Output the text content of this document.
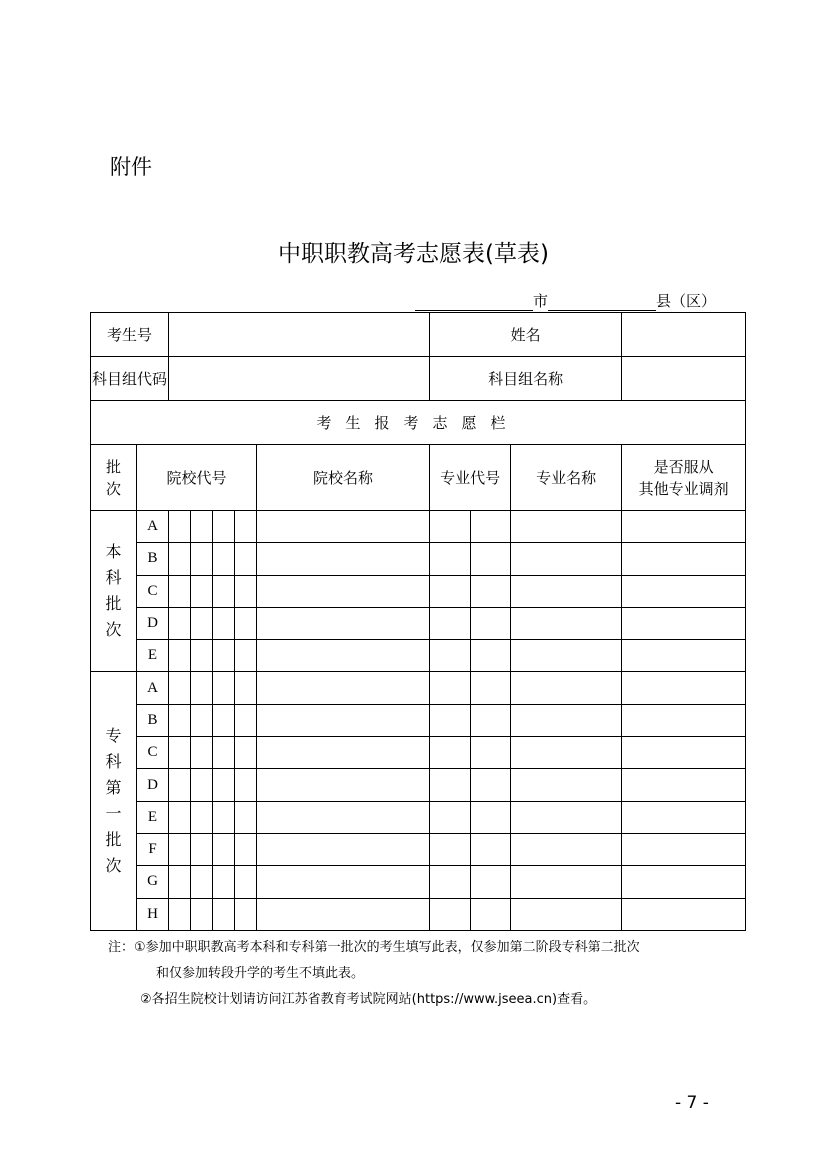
附件
中职职教高考志愿表(草表)
市	县（区）
考生号							姓名			
科目组代码							科目组名称			
考生报考志愿栏										

批次	院校代号					院校名称	专业代号		专业名称	是否服从
其他专业调剂

本科批次	A									
	B									
	C									
	D									
	E									

专科第一批次	A									
	B									
	C									
	D									
	E									
	F									
	G									
	H									
注：①参加中职职教高考本科和专科第一批次的考生填写此表，仅参加第二阶段专科第二批次
和仅参加转段升学的考生不填此表。
②各招生院校计划请访问江苏省教育考试院网站(https://www.jseea.cn)查看。
- 7 -
